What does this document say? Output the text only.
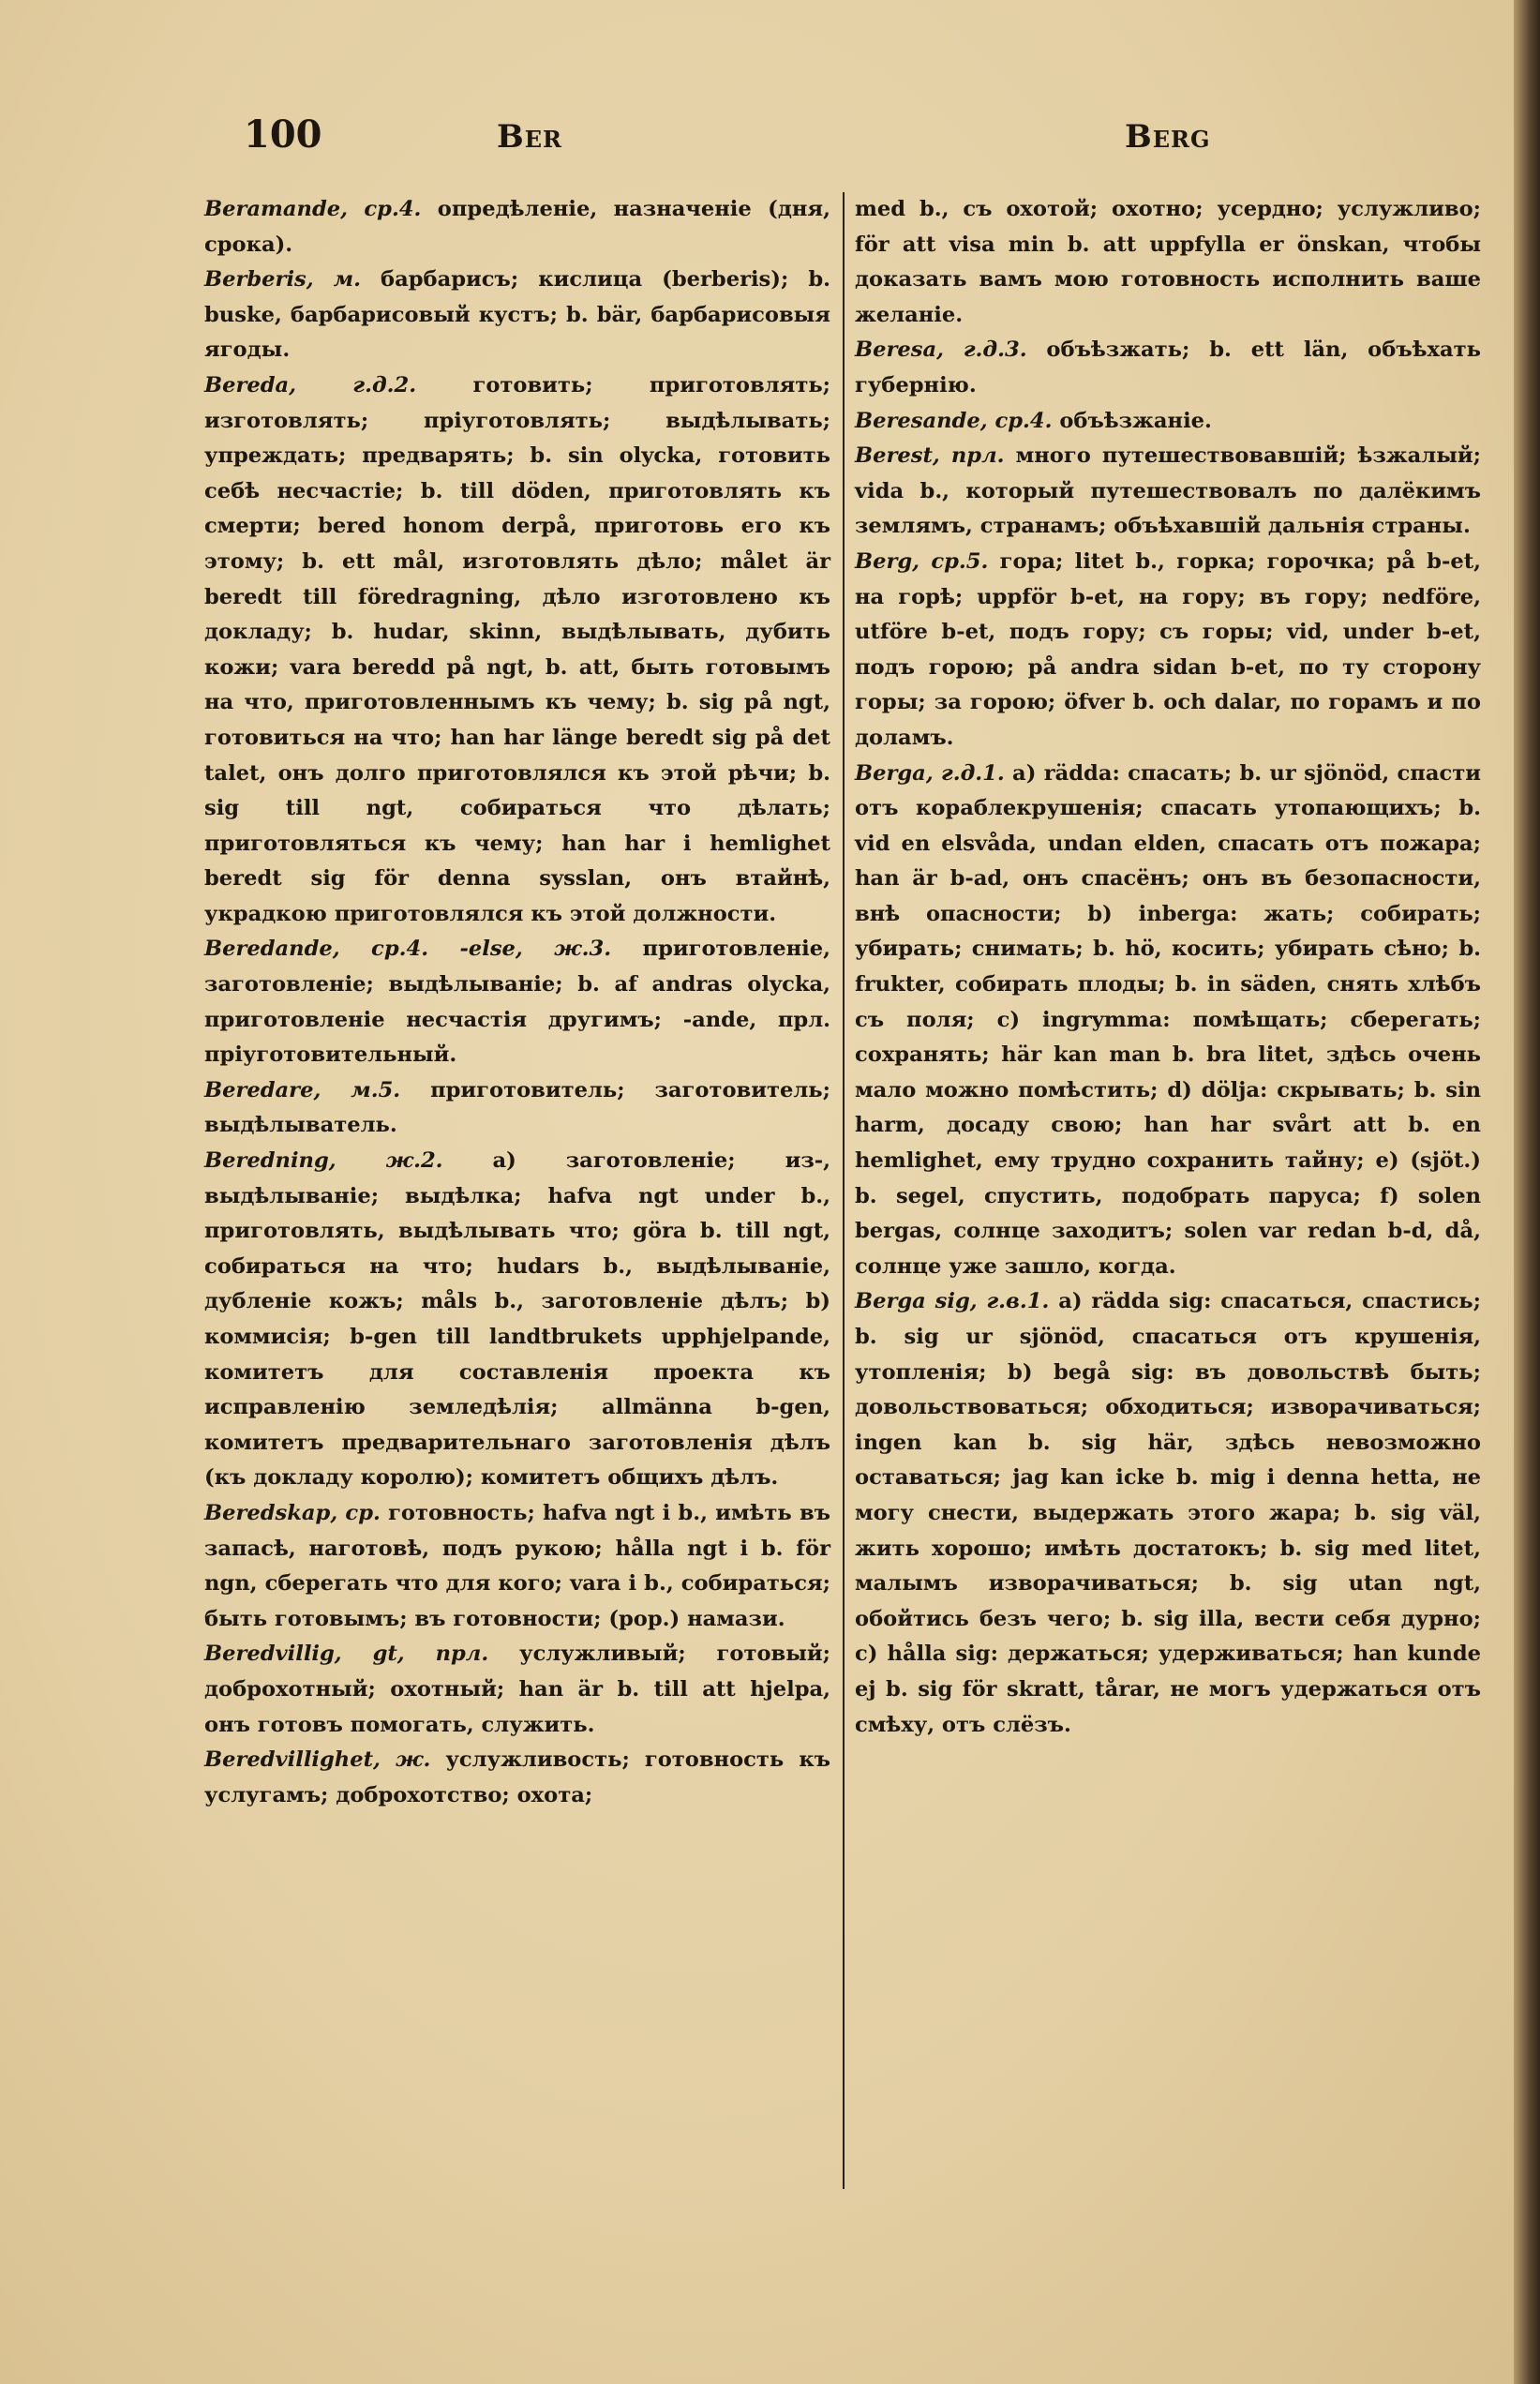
100	Ber	Berg

Beramande, ср.4. опредѣленіе, назначеніе (дня, срока).

Berberis, м. барбарисъ; кислица (berberis); b. buske, барбарисовый кустъ; b. bär, барбарисовыя ягоды.

Bereda, г.д.2. готовить; приготовлять; изготовлять; пріуготовлять; выдѣлывать; упреждать; предварять; b. sin olycka, готовить себѣ несчастіе; b. till döden, приготовлять къ смерти; bered honom derpå, приготовь его къ этому; b. ett mål, изготовлять дѣло; målet är beredt till föredragning, дѣло изготовлено къ докладу; b. hudar, skinn, выдѣлывать, дубить кожи; vara beredd på ngt, b. att, быть готовымъ на что, приготовленнымъ къ чему; b. sig på ngt, готовиться на что; han har länge beredt sig på det talet, онъ долго приготовлялся къ этой рѣчи; b. sig till ngt, собираться что дѣлать; приготовляться къ чему; han har i hemlighet beredt sig för denna sysslan, онъ втайнѣ, украдкою приготовлялся къ этой должности.

Beredande, ср.4. -else, ж.3. приготовленіе, заготовленіе; выдѣлываніе; b. af andras olycka, приготовленіе несчастія другимъ; -ande, прл. пріуготовительный.

Beredare, м.5. приготовитель; заготовитель; выдѣлыватель.

Beredning, ж.2. а) заготовленіе; из-, выдѣлываніе; выдѣлка; hafva ngt under b., приготовлять, выдѣлывать что; göra b. till ngt, собираться на что; hudars b., выдѣлываніе, дубленіе кожъ; måls b., заготовленіе дѣлъ; b) коммисія; b-gen till landtbrukets upphjelpande, комитетъ для составленія проекта къ исправленію земледѣлія; allmänna b-gen, комитетъ предварительнаго заготовленія дѣлъ (къ докладу королю); комитетъ общихъ дѣлъ.

Beredskap, ср. готовность; hafva ngt i b., имѣть въ запасѣ, наготовѣ, подъ рукою; hålla ngt i b. för ngn, сберегать что для кого; vara i b., собираться; быть готовымъ; въ готовности; (рор.) намази.

Beredvillig, gt, прл. услужливый; готовый; доброхотный; охотный; han är b. till att hjelpa, онъ готовъ помогать, служить.

Beredvillighet, ж. услужливость; готовность къ услугамъ; доброхотство; охота;

med b., съ охотой; охотно; усердно; услужливо; för att visa min b. att uppfylla er önskan, чтобы доказать вамъ мою готовность исполнить ваше желаніе.

Beresa, г.д.3. объѣзжать; b. ett län, объѣхать губернію.

Beresande, ср.4. объѣзжаніе.

Berest, прл. много путешествовавшій; ѣзжалый; vida b., который путешествовалъ по далёкимъ землямъ, странамъ; объѣхавшій дальнія страны.

Berg, ср.5. гора; litet b., горка; горочка; på b-et, на горѣ; uppför b-et, на гору; въ гору; nedföre, utföre b-et, подъ гору; съ горы; vid, under b-et, подъ горою; på andra sidan b-et, по ту сторону горы; за горою; öfver b. och dalar, по горамъ и по доламъ.

Berga, г.д.1. а) rädda: спасать; b. ur sjönöd, спасти отъ кораблекрушенія; спасать утопающихъ; b. vid en elsvåda, undan elden, спасать отъ пожара; han är b-ad, онъ спасёнъ; онъ въ безопасности, внѣ опасности; b) inberga: жать; собирать; убирать; снимать; b. hö, косить; убирать сѣно; b. frukter, собирать плоды; b. in säden, снять хлѣбъ съ поля; c) ingrymma: помѣщать; сберегать; сохранять; här kan man b. bra litet, здѣсь очень мало можно помѣстить; d) dölja: скрывать; b. sin harm, досаду свою; han har svårt att b. en hemlighet, ему трудно сохранить тайну; e) (sjöt.) b. segel, спустить, подобрать паруса; f) solen bergas, солнце заходитъ; solen var redan b-d, då, солнце уже зашло, когда.

Berga sig, г.в.1. а) rädda sig: спасаться, спастись; b. sig ur sjönöd, спасаться отъ крушенія, утопленія; b) begå sig: въ довольствѣ быть; довольствоваться; обходиться; изворачиваться; ingen kan b. sig här, здѣсь невозможно оставаться; jag kan icke b. mig i denna hetta, не могу снести, выдержать этого жара; b. sig väl, жить хорошо; имѣть достатокъ; b. sig med litet, малымъ изворачиваться; b. sig utan ngt, обойтись безъ чего; b. sig illa, вести себя дурно; c) hålla sig: держаться; удерживаться; han kunde ej b. sig för skratt, tårar, не могъ удержаться отъ смѣху, отъ слёзъ.
